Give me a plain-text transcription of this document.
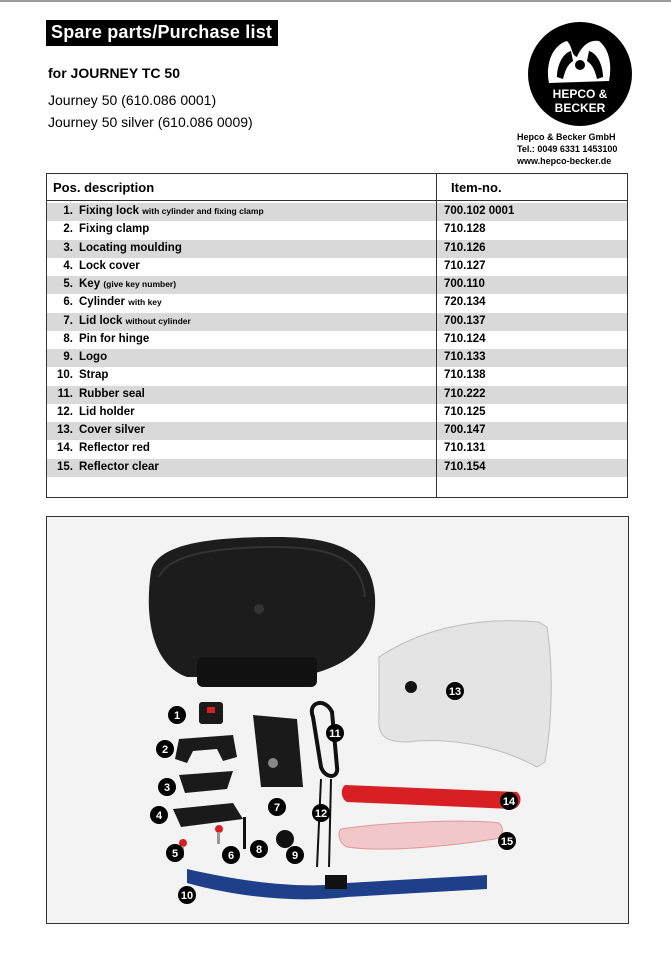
Spare parts/Purchase list
for JOURNEY TC 50
Journey 50 (610.086 0001)
Journey 50 silver (610.086 0009)
HEPCO &
BECKER
Hepco & Becker GmbH
Tel.: 0049 6331 1453100
www.hepco-becker.de
Pos. description	Item-no.
1. Fixing lock with cylinder and fixing clamp	700.102 0001
2. Fixing clamp	710.128
3. Locating moulding	710.126
4. Lock cover	710.127
5. Key (give key number)	700.110
6. Cylinder with key	720.134
7. Lid lock without cylinder	700.137
8. Pin for hinge	710.124
9. Logo	710.133
10. Strap	710.138
11. Rubber seal	710.222
12. Lid holder	710.125
13. Cover silver	700.147
14. Reflector red	710.131
15. Reflector clear	710.154
1
2
3
4
5	6
7
8	9
10
11
12
13
14
15
